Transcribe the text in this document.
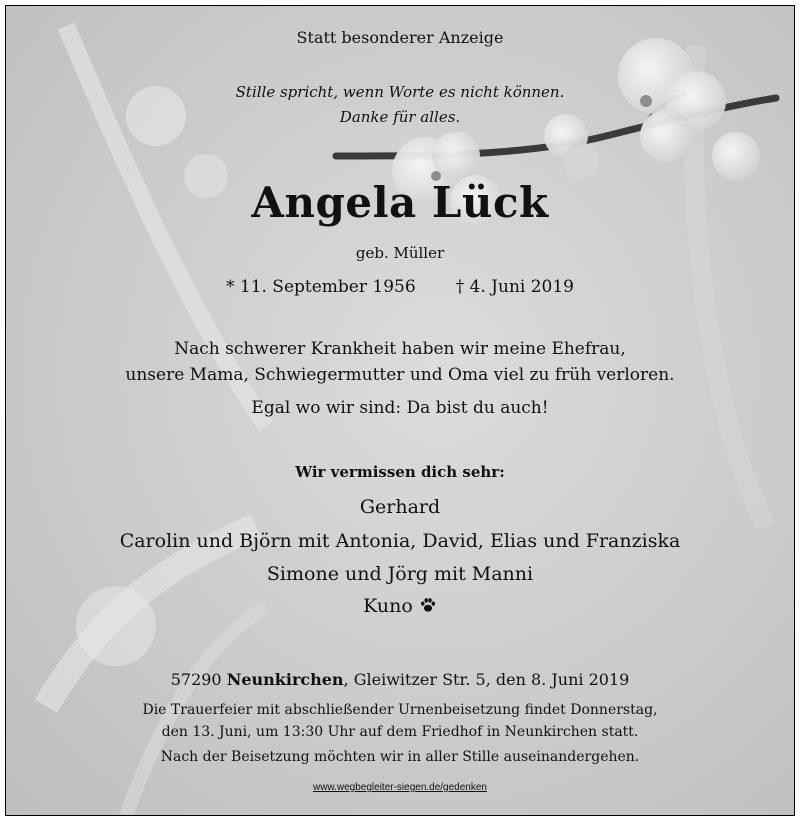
Statt besonderer Anzeige
Stille spricht, wenn Worte es nicht können.
Danke für alles.
Angela Lück
geb. Müller
* 11. September 1956 † 4. Juni 2019
Nach schwerer Krankheit haben wir meine Ehefrau,
unsere Mama, Schwiegermutter und Oma viel zu früh verloren.
Egal wo wir sind: Da bist du auch!
Wir vermissen dich sehr:
Gerhard
Carolin und Björn mit Antonia, David, Elias und Franziska
Simone und Jörg mit Manni
Kuno
57290 Neunkirchen, Gleiwitzer Str. 5, den 8. Juni 2019
Die Trauerfeier mit abschließender Urnenbeisetzung findet Donnerstag,
den 13. Juni, um 13:30 Uhr auf dem Friedhof in Neunkirchen statt.
Nach der Beisetzung möchten wir in aller Stille auseinandergehen.
www.wegbegleiter-siegen.de/gedenken
